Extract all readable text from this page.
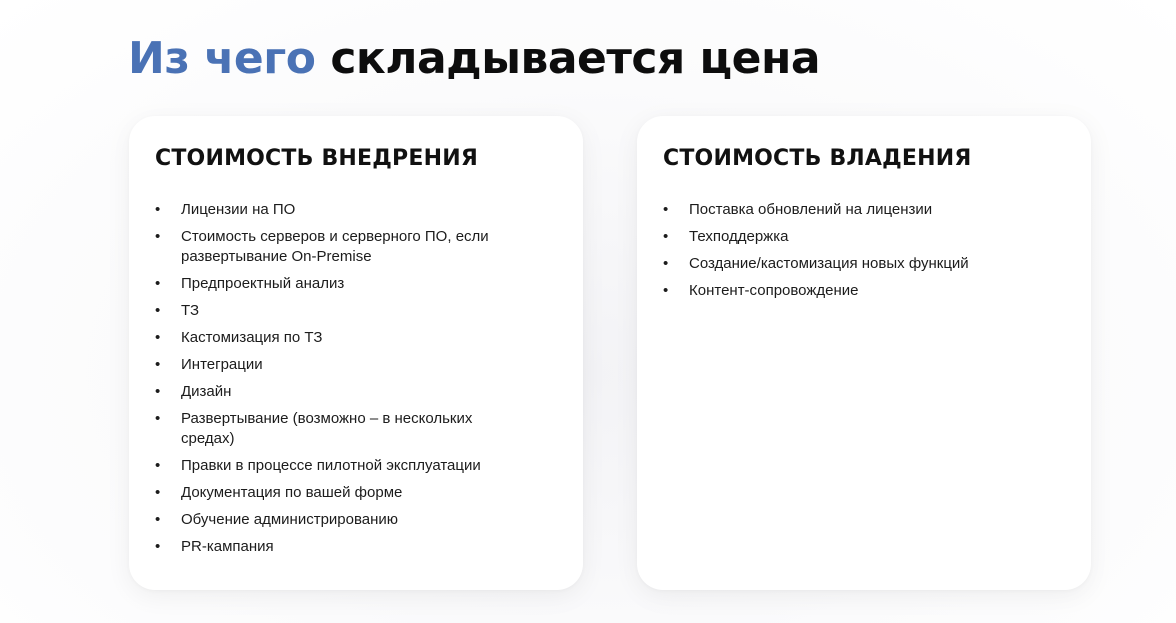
Из чего складывается цена
СТОИМОСТЬ ВНЕДРЕНИЯ
• Лицензии на ПО
• Стоимость серверов и серверного ПО, если развертывание On-Premise
• Предпроектный анализ
• ТЗ
• Кастомизация по ТЗ
• Интеграции
• Дизайн
• Развертывание (возможно – в нескольких средах)
• Правки в процессе пилотной эксплуатации
• Документация по вашей форме
• Обучение администрированию
• PR-кампания
СТОИМОСТЬ ВЛАДЕНИЯ
• Поставка обновлений на лицензии
• Техподдержка
• Создание/кастомизация новых функций
• Контент-сопровождение
